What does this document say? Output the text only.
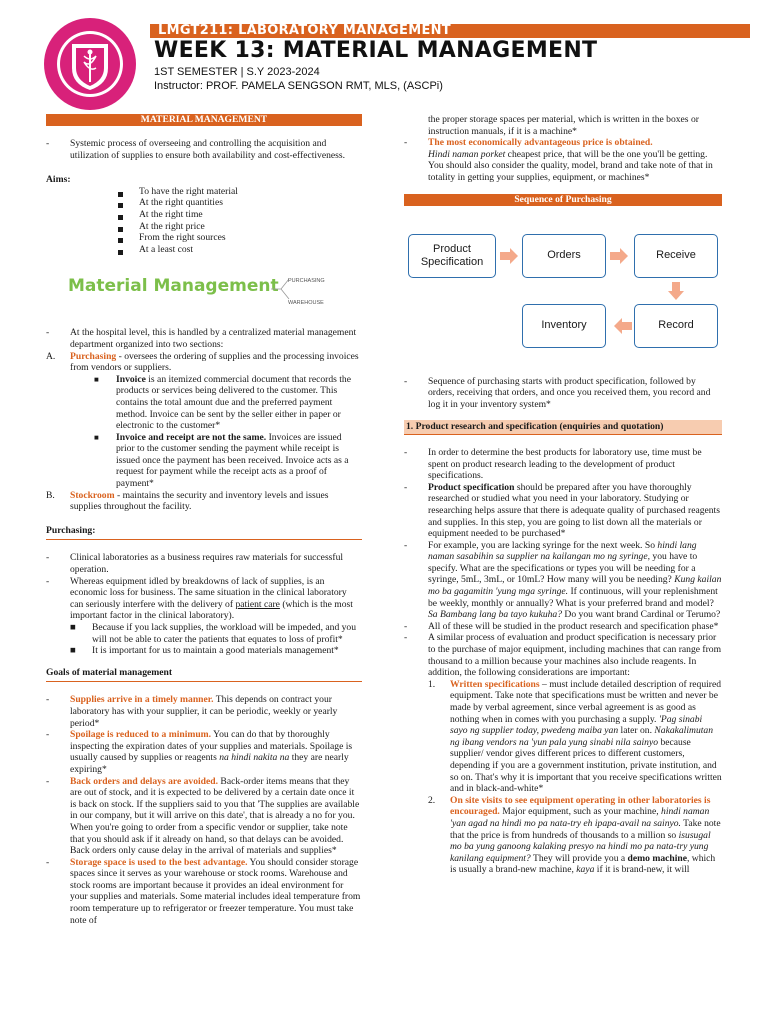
LMGT211: LABORATORY MANAGEMENT
WEEK 13: MATERIAL MANAGEMENT
1ST SEMESTER | S.Y 2023-2024
Instructor: PROF. PAMELA SENGSON RMT, MLS, (ASCPi)
MATERIAL MANAGEMENT
- Systemic process of overseeing and controlling the acquisition and utilization of supplies to ensure both availability and cost-effectiveness.
Aims:
To have the right material
At the right quantities
At the right time
At the right price
From the right sources
At a least cost
Material Management PURCHASING
WAREHOUSE
- At the hospital level, this is handled by a centralized material management department organized into two sections:
A. Purchasing - oversees the ordering of supplies and the processing invoices from vendors or suppliers.
■ Invoice is an itemized commercial document that records the products or services being delivered to the customer. This contains the total amount due and the preferred payment method. Invoice can be sent by the seller either in paper or electronic to the customer*
■ Invoice and receipt are not the same. Invoices are issued prior to the customer sending the payment while receipt is issued once the payment has been received. Invoice acts as a request for payment while the receipt acts as a proof of payment*
B. Stockroom - maintains the security and inventory levels and issues supplies throughout the facility.
Purchasing:
- Clinical laboratories as a business requires raw materials for successful operation.
- Whereas equipment idled by breakdowns of lack of supplies, is an economic loss for business. The same situation in the clinical laboratory can seriously interfere with the delivery of patient care (which is the most important factor in the clinical laboratory).
■ Because if you lack supplies, the workload will be impeded, and you will not be able to cater the patients that equates to loss of profit*
■ It is important for us to maintain a good materials management*
Goals of material management
- Supplies arrive in a timely manner. This depends on contract your laboratory has with your supplier, it can be periodic, weekly or yearly period*
- Spoilage is reduced to a minimum. You can do that by thoroughly inspecting the expiration dates of your supplies and materials. Spoilage is usually caused by supplies or reagents na hindi nakita na they are nearly expiring*
- Back orders and delays are avoided. Back-order items means that they are out of stock, and it is expected to be delivered by a certain date once it is back on stock. If the suppliers said to you that 'The supplies are available in our company, but it will arrive on this date', that is already a no for you. When you're going to order from a specific vendor or supplier, take note that you should ask if it already on hand, so that delays can be avoided. Back orders only cause delay in the arrival of materials and supplies*
- Storage space is used to the best advantage. You should consider storage spaces since it serves as your warehouse or stock rooms. Warehouse and stock rooms are important because it provides an ideal environment for your supplies and materials. Some material includes ideal temperature from room temperature up to refrigerator or freezer temperature. You must take note of
the proper storage spaces per material, which is written in the boxes or instruction manuals, if it is a machine*
- The most economically advantageous price is obtained.
Hindi naman porket cheapest price, that will be the one you'll be getting. You should also consider the quality, model, brand and take note of that in totality in getting your supplies, equipment, or machines*
Sequence of Purchasing
Product Specification
Orders	Receive
Record
Inventory
- Sequence of purchasing starts with product specification, followed by orders, receiving that orders, and once you received them, you record and log it in your inventory system*
1. Product research and specification (enquiries and quotation)
- In order to determine the best products for laboratory use, time must be spent on product research leading to the development of product specifications.
- Product specification should be prepared after you have thoroughly researched or studied what you need in your laboratory. Studying or researching helps assure that there is adequate quality of purchased reagents and supplies. In this step, you are going to list down all the materials or equipment needed to be purchased*
- For example, you are lacking syringe for the next week. So hindi lang naman sasabihin sa supplier na kailangan mo ng syringe, you have to specify. What are the specifications or types you will be needing for a syringe, 5mL, 3mL, or 10mL? How many will you be needing? Kung kailan mo ba gagamitin 'yung mga syringe. If continuous, will your replenishment be weekly, monthly or annually? What is your preferred brand and model? Sa Bambang lang ba tayo kukuha? Do you want brand Cardinal or Terumo?
- All of these will be studied in the product research and specification phase*
- A similar process of evaluation and product specification is necessary prior to the purchase of major equipment, including machines that can range from thousand to a million because your machines also include reagents. In addition, the following considerations are important:
1. Written specifications – must include detailed description of required equipment. Take note that specifications must be written and never be made by verbal agreement, since verbal agreement is as good as nothing when in comes with you purchasing a supply. 'Pag sinabi sayo ng supplier today, pwedeng maiba yan later on. Nakakalimutan ng ibang vendors na 'yun pala yung sinabi nila sainyo because supplier/ vendor gives different prices to different customers, depending if you are a government institution, private institution, and so on. That's why it is important that you receive specifications written and in black-and-white*
2. On site visits to see equipment operating in other laboratories is encouraged. Major equipment, such as your machine, hindi naman 'yan agad na hindi mo pa nata-try eh ipapa-avail na sainyo. Take note that the price is from hundreds of thousands to a million so isusugal mo ba yung ganoong kalaking presyo na hindi mo pa nata-try yung kanilang equipment? They will provide you a demo machine, which is usually a brand-new machine, kaya if it is brand-new, it will
